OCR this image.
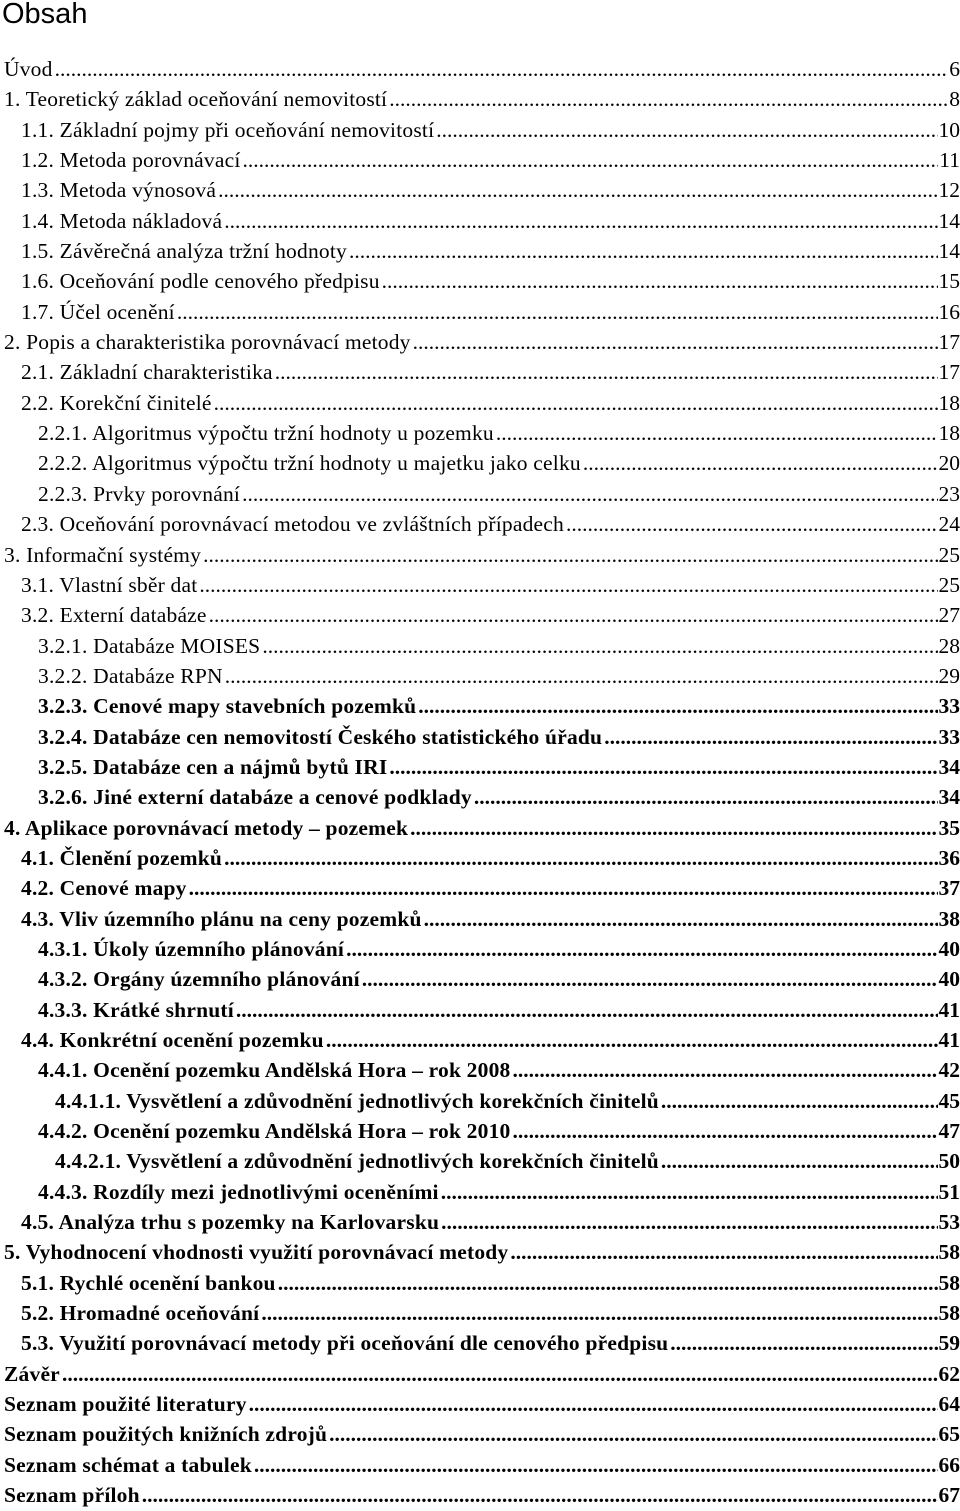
Obsah
Úvod .....	6
1. Teoretický základ oceňování nemovitostí .....	8
1.1. Základní pojmy při oceňování nemovitostí .....	10
1.2. Metoda porovnávací .....	11
1.3. Metoda výnosová .....	12
1.4. Metoda nákladová .....	14
1.5. Závěrečná analýza tržní hodnoty .....	14
1.6. Oceňování podle cenového předpisu .....	15
1.7. Účel ocenění .....	16
2. Popis a charakteristika porovnávací metody .....	17
2.1. Základní charakteristika .....	17
2.2. Korekční činitelé .....	18
2.2.1. Algoritmus výpočtu tržní hodnoty u pozemku .....	18
2.2.2. Algoritmus výpočtu tržní hodnoty u majetku jako celku .....	20
2.2.3. Prvky porovnání .....	23
2.3. Oceňování porovnávací metodou ve zvláštních případech .....	24
3. Informační systémy .....	25
3.1. Vlastní sběr dat .....	25
3.2. Externí databáze .....	27
3.2.1. Databáze MOISES .....	28
3.2.2. Databáze RPN .....	29
3.2.3. Cenové mapy stavebních pozemků .....	33
3.2.4. Databáze cen nemovitostí Českého statistického úřadu .....	33
3.2.5. Databáze cen a nájmů bytů IRI .....	34
3.2.6. Jiné externí databáze a cenové podklady .....	34
4. Aplikace porovnávací metody – pozemek .....	35
4.1. Členění pozemků .....	36
4.2. Cenové mapy .....	37
4.3. Vliv územního plánu na ceny pozemků .....	38
4.3.1. Úkoly územního plánování .....	40
4.3.2. Orgány územního plánování .....	40
4.3.3. Krátké shrnutí .....	41
4.4. Konkrétní ocenění pozemku .....	41
4.4.1. Ocenění pozemku Andělská Hora – rok 2008 .....	42
4.4.1.1. Vysvětlení a zdůvodnění jednotlivých korekčních činitelů .....	45
4.4.2. Ocenění pozemku Andělská Hora – rok 2010 .....	47
4.4.2.1. Vysvětlení a zdůvodnění jednotlivých korekčních činitelů .....	50
4.4.3. Rozdíly mezi jednotlivými oceněními .....	51
4.5. Analýza trhu s pozemky na Karlovarsku .....	53
5. Vyhodnocení vhodnosti využití porovnávací metody .....	58
5.1. Rychlé ocenění bankou .....	58
5.2. Hromadné oceňování .....	58
5.3. Využití porovnávací metody při oceňování dle cenového předpisu .....	59
Závěr .....	62
Seznam použité literatury .....	64
Seznam použitých knižních zdrojů .....	65
Seznam schémat a tabulek .....	66
Seznam příloh .....	67
